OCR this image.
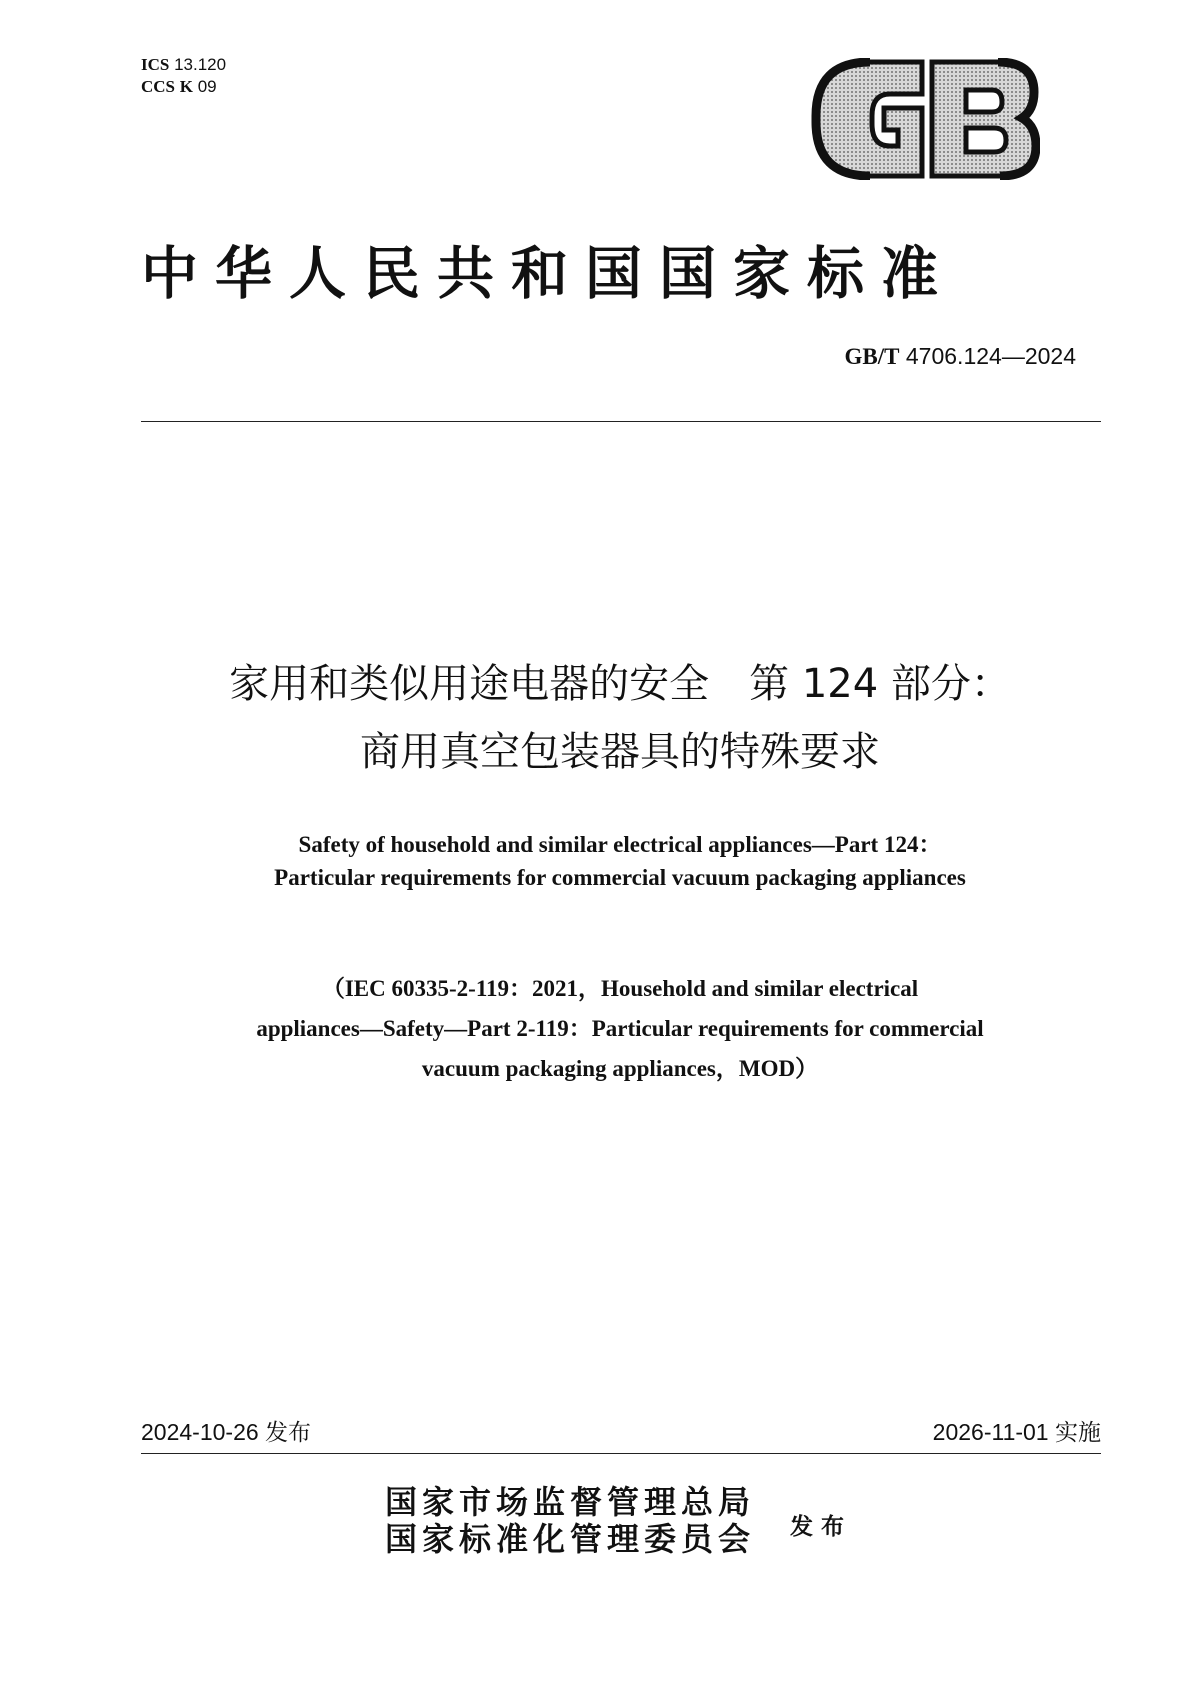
ICS 13.120
CCS K 09
中华人民共和国国家标准
GB/T 4706.124—2024
家用和类似用途电器的安全　第 124 部分：
商用真空包装器具的特殊要求
Safety of household and similar electrical appliances—Part 124：
Particular requirements for commercial vacuum packaging appliances
（IEC 60335-2-119：2021，Household and similar electrical
appliances—Safety—Part 2-119：Particular requirements for commercial
vacuum packaging appliances，MOD）
2024-10-26 发布	2026-11-01 实施
国家市场监督管理总局
国家标准化管理委员会 发布
